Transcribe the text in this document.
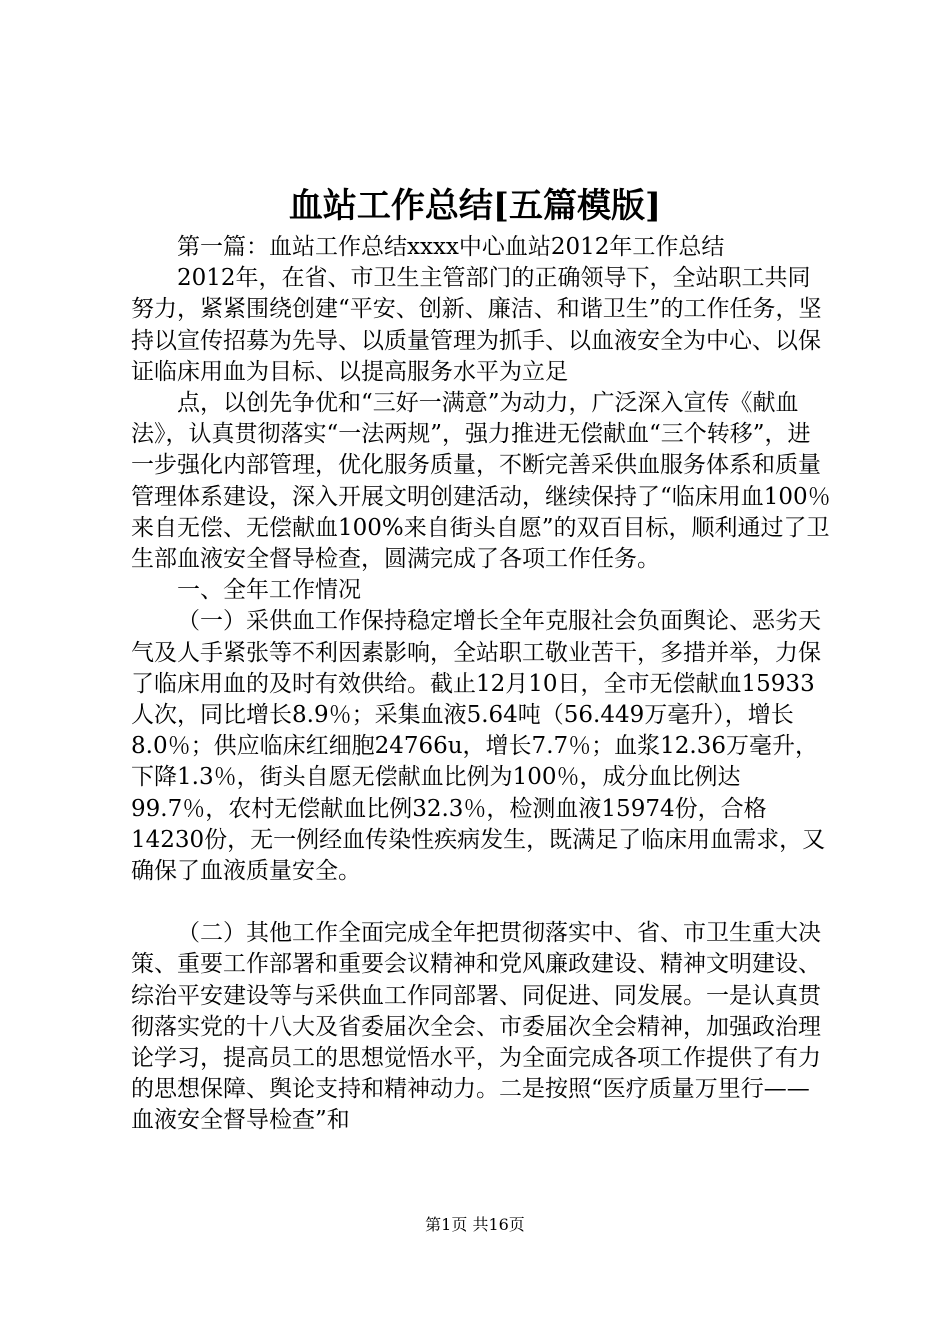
血站工作总结[五篇模版]

第一篇：血站工作总结xxxx中心血站2012年工作总结

2012年，在省、市卫生主管部门的正确领导下，全站职工共同努力，紧紧围绕创建“平安、创新、廉洁、和谐卫生”的工作任务，坚持以宣传招募为先导、以质量管理为抓手、以血液安全为中心、以保证临床用血为目标、以提高服务水平为立足

点，以创先争优和“三好一满意”为动力，广泛深入宣传《献血法》，认真贯彻落实“一法两规”，强力推进无偿献血“三个转移”，进一步强化内部管理，优化服务质量，不断完善采供血服务体系和质量管理体系建设，深入开展文明创建活动，继续保持了“临床用血100％来自无偿、无偿献血100%来自街头自愿”的双百目标，顺利通过了卫生部血液安全督导检查，圆满完成了各项工作任务。

一、全年工作情况

（一）采供血工作保持稳定增长全年克服社会负面舆论、恶劣天气及人手紧张等不利因素影响，全站职工敬业苦干，多措并举，力保了临床用血的及时有效供给。截止12月10日，全市无偿献血15933人次，同比增长8.9％；采集血液5.64吨（56.449万毫升），增长8.0％；供应临床红细胞24766u，增长7.7％；血浆12.36万毫升，下降1.3％，街头自愿无偿献血比例为100％，成分血比例达99.7％，农村无偿献血比例32.3％，检测血液15974份，合格14230份，无一例经血传染性疾病发生，既满足了临床用血需求，又确保了血液质量安全。

（二）其他工作全面完成全年把贯彻落实中、省、市卫生重大决策、重要工作部署和重要会议精神和党风廉政建设、精神文明建设、综治平安建设等与采供血工作同部署、同促进、同发展。一是认真贯彻落实党的十八大及省委届次全会、市委届次全会精神，加强政治理论学习，提高员工的思想觉悟水平，为全面完成各项工作提供了有力的思想保障、舆论支持和精神动力。二是按照“医疗质量万里行——血液安全督导检查”和

第1页 共16页
